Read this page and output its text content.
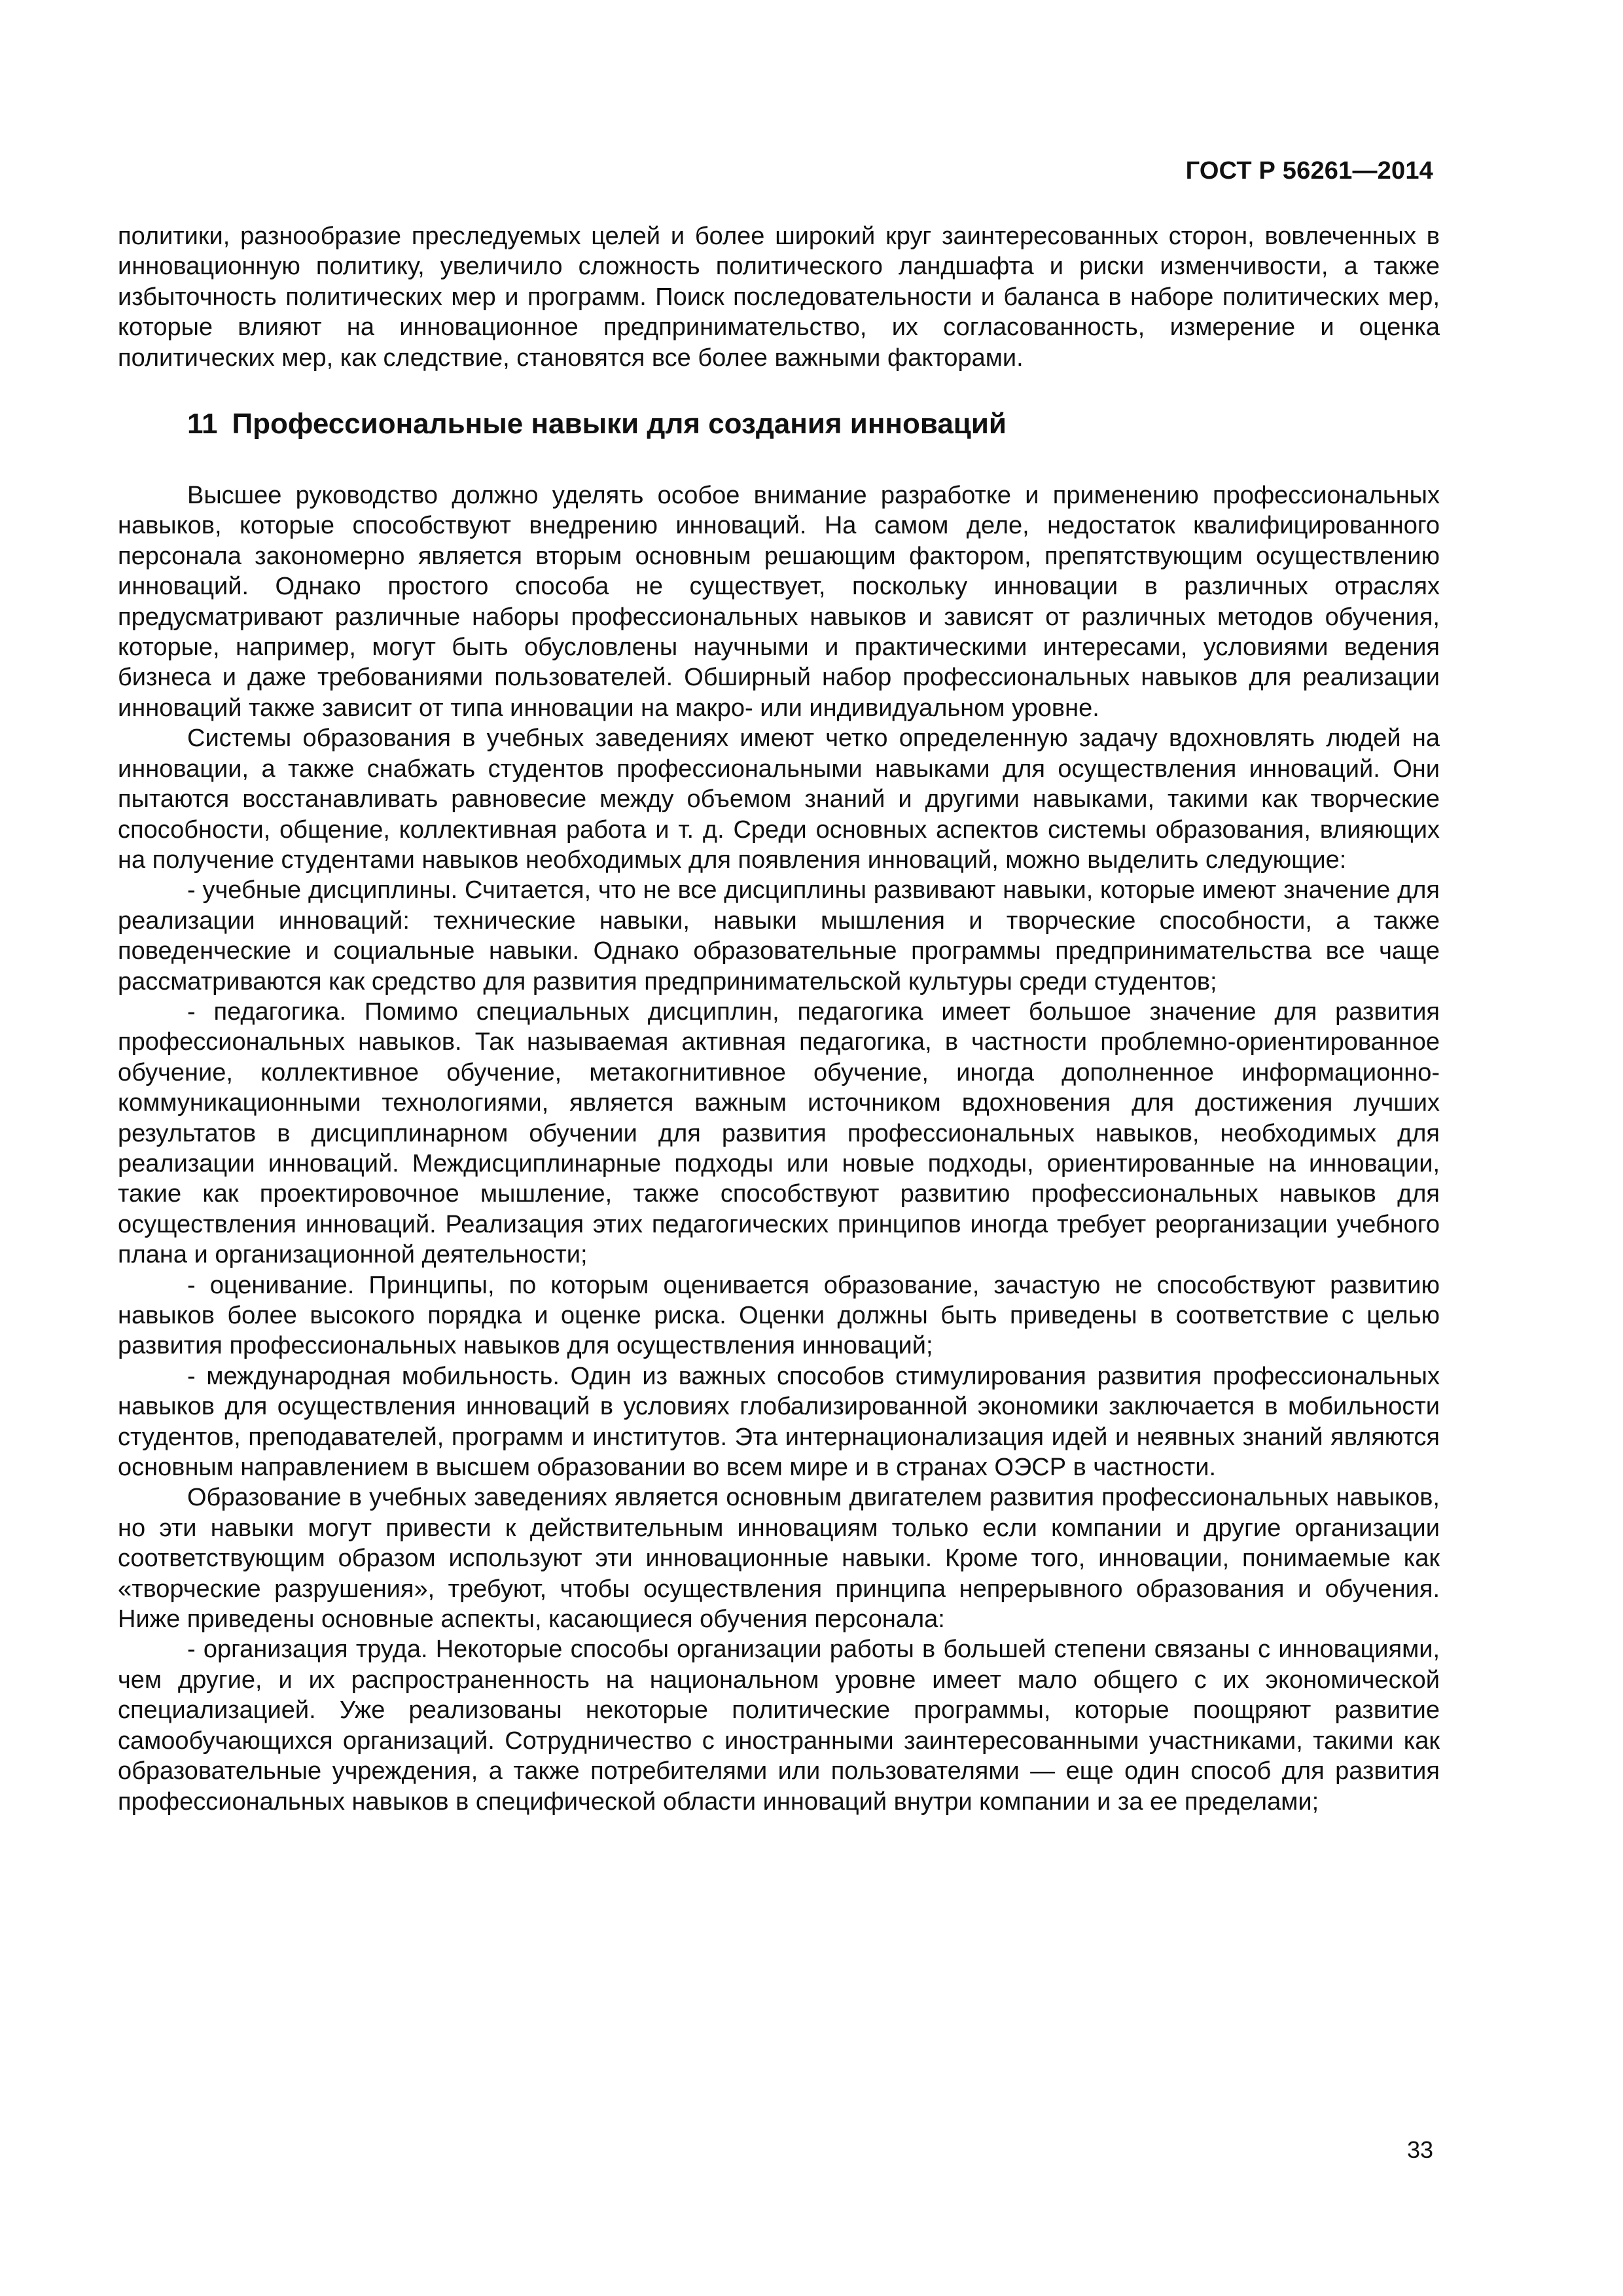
ГОСТ Р 56261—2014

политики, разнообразие преследуемых целей и более широкий круг заинтересованных сторон, вовлеченных в инновационную политику, увеличило сложность политического ландшафта и риски изменчивости, а также избыточность политических мер и программ. Поиск последовательности и баланса в наборе политических мер, которые влияют на инновационное предпринимательство, их согласованность, измерение и оценка политических мер, как следствие, становятся все более важными факторами.

11 Профессиональные навыки для создания инноваций

Высшее руководство должно уделять особое внимание разработке и применению профессиональных навыков, которые способствуют внедрению инноваций. На самом деле, недостаток квалифицированного персонала закономерно является вторым основным решающим фактором, препятствующим осуществлению инноваций. Однако простого способа не существует, поскольку инновации в различных отраслях предусматривают различные наборы профессиональных навыков и зависят от различных методов обучения, которые, например, могут быть обусловлены научными и практическими интересами, условиями ведения бизнеса и даже требованиями пользователей. Обширный набор профессиональных навыков для реализации инноваций также зависит от типа инновации на макро- или индивидуальном уровне.

Системы образования в учебных заведениях имеют четко определенную задачу вдохновлять людей на инновации, а также снабжать студентов профессиональными навыками для осуществления инноваций. Они пытаются восстанавливать равновесие между объемом знаний и другими навыками, такими как творческие способности, общение, коллективная работа и т. д. Среди основных аспектов системы образования, влияющих на получение студентами навыков необходимых для появления инноваций, можно выделить следующие:

- учебные дисциплины. Считается, что не все дисциплины развивают навыки, которые имеют значение для реализации инноваций: технические навыки, навыки мышления и творческие способности, а также поведенческие и социальные навыки. Однако образовательные программы предпринимательства все чаще рассматриваются как средство для развития предпринимательской культуры среди студентов;

- педагогика. Помимо специальных дисциплин, педагогика имеет большое значение для развития профессиональных навыков. Так называемая активная педагогика, в частности проблемно-ориентированное обучение, коллективное обучение, метакогнитивное обучение, иногда дополненное информационно-коммуникационными технологиями, является важным источником вдохновения для достижения лучших результатов в дисциплинарном обучении для развития профессиональных навыков, необходимых для реализации инноваций. Междисциплинарные подходы или новые подходы, ориентированные на инновации, такие как проектировочное мышление, также способствуют развитию профессиональных навыков для осуществления инноваций. Реализация этих педагогических принципов иногда требует реорганизации учебного плана и организационной деятельности;

- оценивание. Принципы, по которым оценивается образование, зачастую не способствуют развитию навыков более высокого порядка и оценке риска. Оценки должны быть приведены в соответствие с целью развития профессиональных навыков для осуществления инноваций;

- международная мобильность. Один из важных способов стимулирования развития профессиональных навыков для осуществления инноваций в условиях глобализированной экономики заключается в мобильности студентов, преподавателей, программ и институтов. Эта интернационализация идей и неявных знаний являются основным направлением в высшем образовании во всем мире и в странах ОЭСР в частности.

Образование в учебных заведениях является основным двигателем развития профессиональных навыков, но эти навыки могут привести к действительным инновациям только если компании и другие организации соответствующим образом используют эти инновационные навыки. Кроме того, инновации, понимаемые как «творческие разрушения», требуют, чтобы осуществления принципа непрерывного образования и обучения. Ниже приведены основные аспекты, касающиеся обучения персонала:

- организация труда. Некоторые способы организации работы в большей степени связаны с инновациями, чем другие, и их распространенность на национальном уровне имеет мало общего с их экономической специализацией. Уже реализованы некоторые политические программы, которые поощряют развитие самообучающихся организаций. Сотрудничество с иностранными заинтересованными участниками, такими как образовательные учреждения, а также потребителями или пользователями — еще один способ для развития профессиональных навыков в специфической области инноваций внутри компании и за ее пределами;

33
